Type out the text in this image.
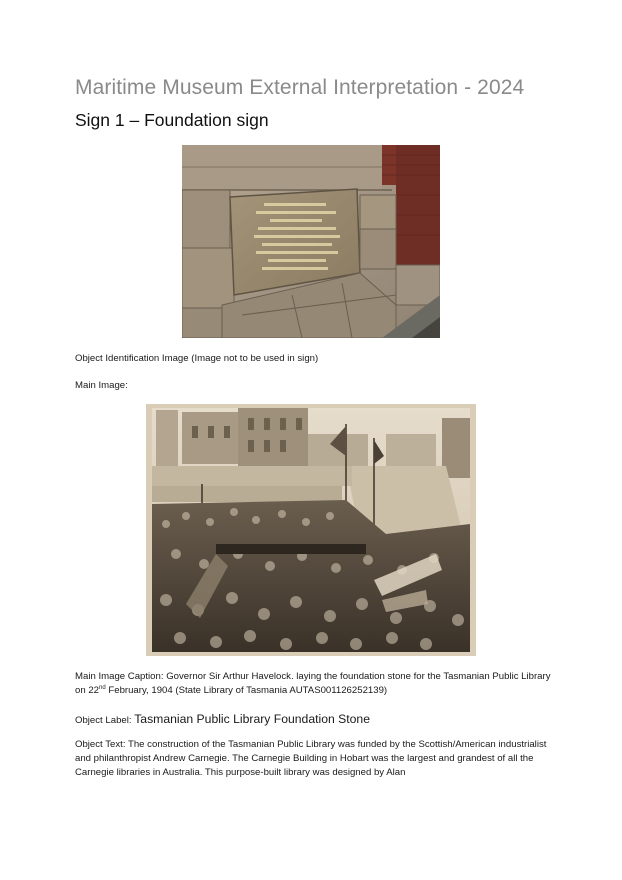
Maritime Museum External Interpretation - 2024
Sign 1 – Foundation sign
Object Identification Image (Image not to be used in sign)
Main Image:
Main Image Caption: Governor Sir Arthur Havelock. laying the foundation stone for the Tasmanian Public Library on 22nd February, 1904 (State Library of Tasmania AUTAS001126252139)
Object Label: Tasmanian Public Library Foundation Stone
Object Text: The construction of the Tasmanian Public Library was funded by the Scottish/American industrialist and philanthropist Andrew Carnegie. The Carnegie Building in Hobart was the largest and grandest of all the Carnegie libraries in Australia. This purpose-built library was designed by Alan
